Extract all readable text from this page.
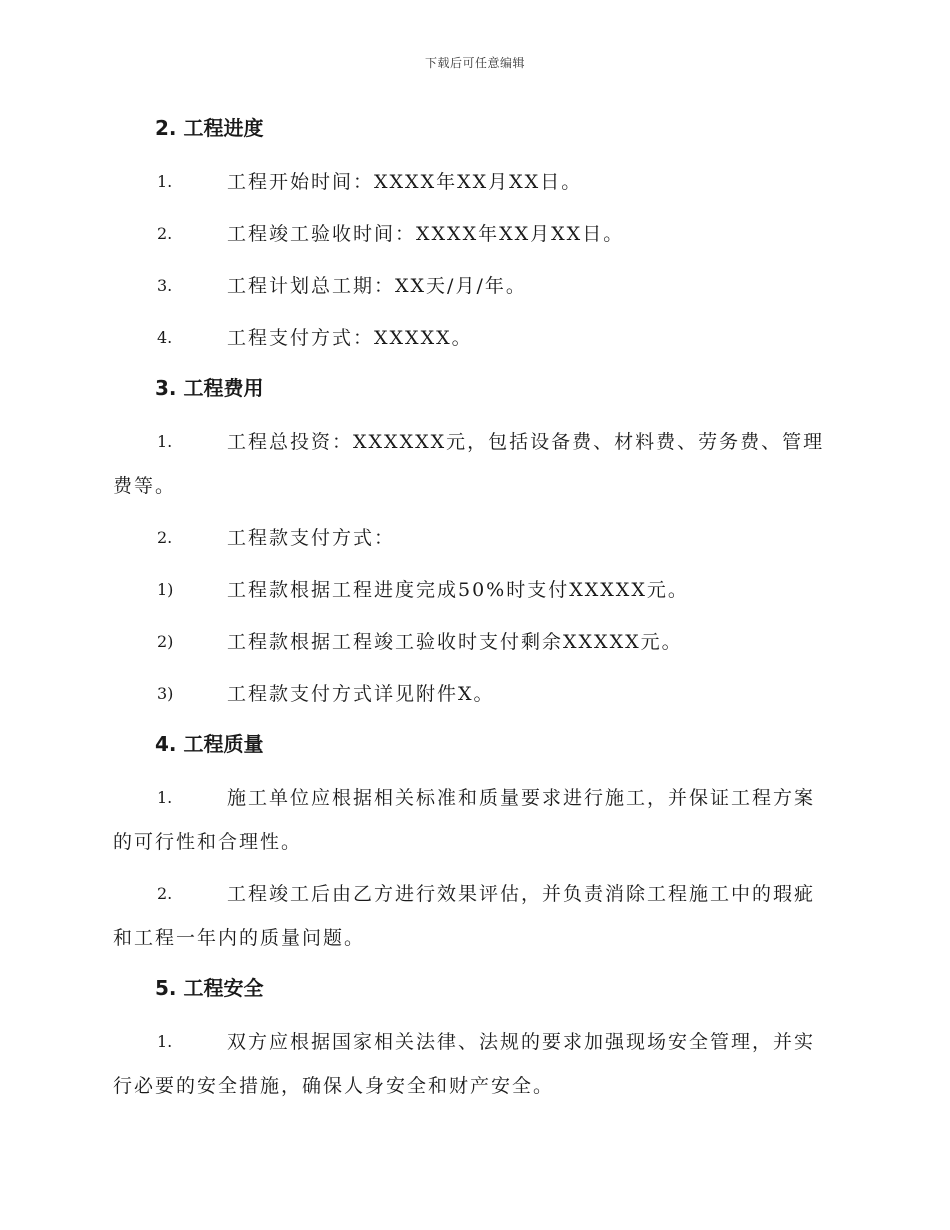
下载后可任意编辑
2. 工程进度
1.	工程开始时间：XXXX年XX月XX日。
2.	工程竣工验收时间：XXXX年XX月XX日。
3.	工程计划总工期：XX天/月/年。
4.	工程支付方式：XXXXX。
3. 工程费用
1.	工程总投资：XXXXXX元，包括设备费、材料费、劳务费、管理费等。
2.	工程款支付方式：
1)	工程款根据工程进度完成50%时支付XXXXX元。
2)	工程款根据工程竣工验收时支付剩余XXXXX元。
3)	工程款支付方式详见附件X。
4. 工程质量
1.	施工单位应根据相关标准和质量要求进行施工，并保证工程方案的可行性和合理性。
2.	工程竣工后由乙方进行效果评估，并负责消除工程施工中的瑕疵和工程一年内的质量问题。
5. 工程安全
1.	双方应根据国家相关法律、法规的要求加强现场安全管理，并实行必要的安全措施，确保人身安全和财产安全。
